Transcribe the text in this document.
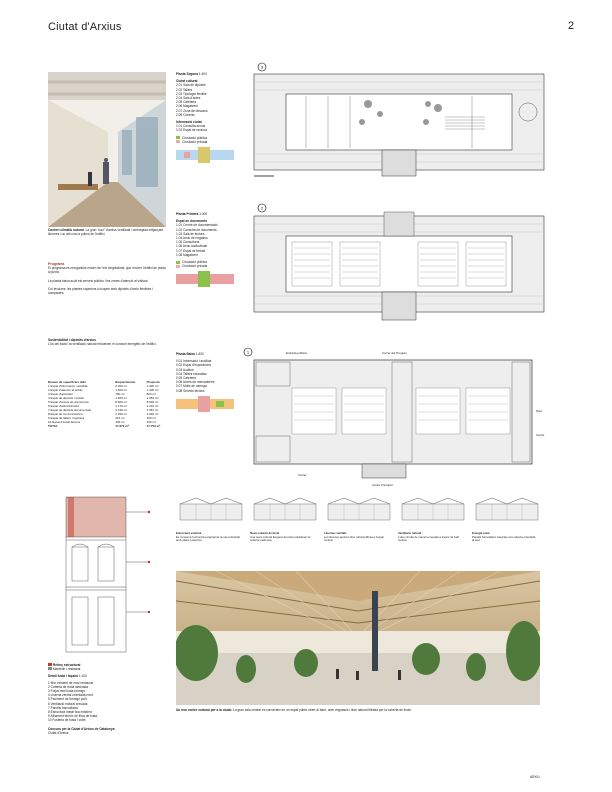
Ciutat d'Arxius	2
Confort climàtic natural. La gran "nau" d'arxius ventilada i ombrejada mitjançant lluernes i un atri com a pulmó de l'edifici.
Programa
El programa es reorganitza entorn de l'eix longitudinal, que recorre l'edifici de punta a punta.
La planta baixa acull els serveis públics i les zones d'atenció al visitant.
Col·leccions: les plantes superiors s'ocupen amb dipòsits d'arxiu flexibles i compactes.
Sostenibilitat i dipòsits d'arxius
L'ús del fusta i la ventilació natural redueixen el consum energètic de l'edifici.
Resum de superficies útils	Requeriments	Proposta
1 Espai d'informació i acollida	2.000 m²	1.920 m²
2 Espai d'atenció al públic	1.500 m²	1.405 m²
3 Espai d'activitats	780 m²	820 m²
4 Espai de dipòsits i treball	1.965 m²	1.954 m²
5 Espai d'arxius de documents	8.600 m²	8.640 m²
6 Espai d'administració	1.170 m²	1.210 m²
7 Espai de dipòsits documentals	3.430 m²	3.387 m²
8 Espai de comunicacions	2.250 m²	2.040 m²
9 Espai de tallers i logística	415 m²	420 m²
10 Espai d'instal·lacions	430 m²	430 m²
TOTAL	17.670 m²	17.750 m²
Reforç estructural
Mantenir i restaurar
Detall fusta i façana 1:100
1 Mur existent de maó restaurat
2 Coberta de fusta laminada
3 Forjat mixt fusta-formigó
4 Lluerna zenital orientada nord
5 Paviment de formigó polit
6 Ventilació natural creuada
7 Panells fotovoltaics
8 Estructura metàl·lica existent
9 Aïllament tèrmic de fibra de fusta
10 Fusteria de fusta i vidre
Concurs per la Ciutat d'Arxius de Catalunya
Ciutat d'Arxius
Planta Segona 1:400
Ciutat cultural
2.01 Sala de dipòsits
2.02 Tallers
2.03 Tipologia flexible
2.04 Sala d'actes
2.05 Cafeteria
2.06 Magatzem
2.07 Zona de descans
2.08 Coberta
Informació ciutat
1.01 Consulta arxius
1.02 Espai de recerca
Circulació pública
Circulació privada
3
Planta Primera 1:400
Espai de documents
1.01 Centre de documentació
1.02 Consulta de documents
1.03 Sala de lectura
1.04 Arxiu de negatius
1.05 Consultoria
1.06 Arxiu audiovisual
1.07 Espai de treball
1.08 Magatzem
Circulació pública
Circulació privada
2
Planta Baixa 1:400
0.01 Informació i acollida
0.02 Espai d'exposicions
0.03 Auditori
0.04 Tallers educatius
0.05 Cafeteria
0.06 Accés de mercaderies
0.07 Molls de càrrega
0.08 Serveis tècnics
1	Entrada pública	Carrer del Progrés
Parc
Carrer
Carrer
Accés Principal
Estructura existent
Es conserva l'estructura original de la nau industrial amb pilars metàl·lics.
Nova coberta de fusta
Una nova coberta lleugera de fusta substitueix la coberta malmesa.
Lluernes zenitals
Les lluernes aporten llum natural difusa a l'espai central.
Ventilació natural
L'aire circula de manera creuada a través de l'atri central.
Energia solar
Panells fotovoltaics integrats a la coberta orientada al sud.
Un nou centre cultural per a la ciutat. La gran sala central es converteix en un espai públic obert al barri, amb vegetació i llum natural filtrada per la coberta de fusta.
ARXIU
